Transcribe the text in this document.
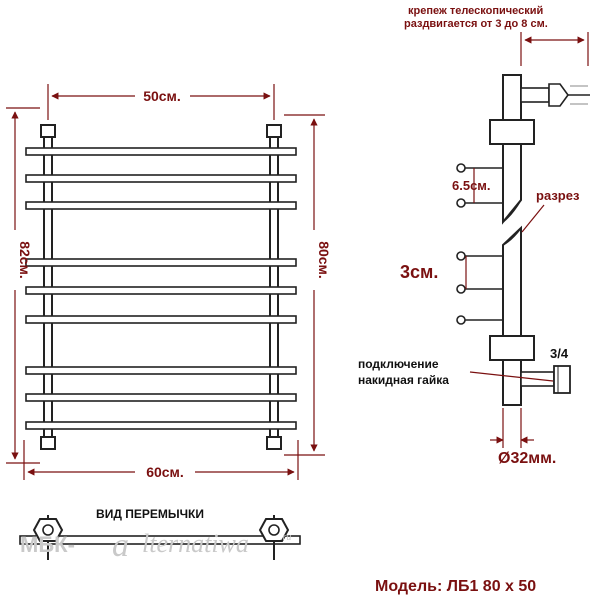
50см.
60см.
82см.	80см.
ВИД ПЕРЕМЫЧКИ
МБК- а lternatiwa	.ru
крепеж телескопический
раздвигается от 3 до 8 см.
6.5см.
3см.
разрез
3/4
подключение
накидная гайка
Ø32мм.
Модель: ЛБ1 80 х 50
